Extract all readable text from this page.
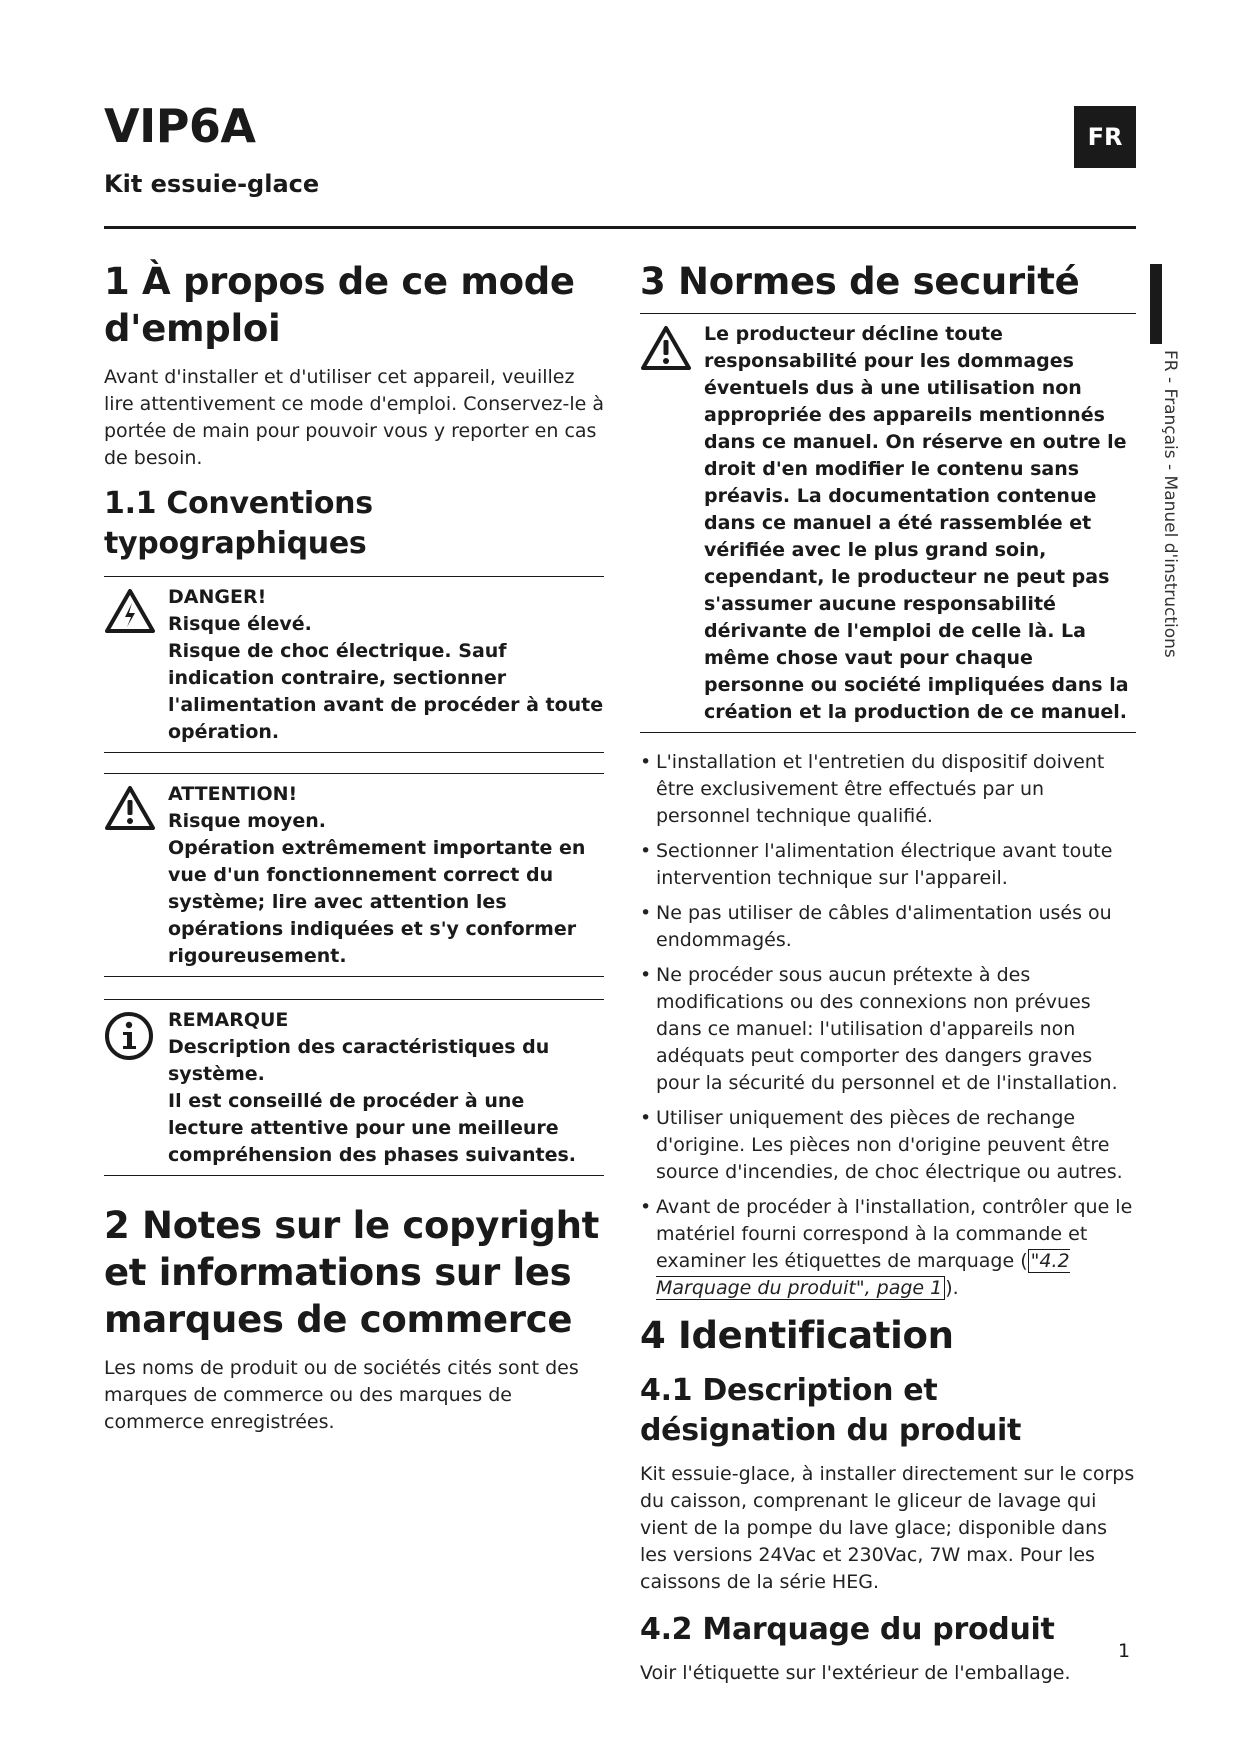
VIP6A
Kit essuie-glace
FR
FR - Français - Manuel d'instructions
1 À propos de ce mode d'emploi

Avant d'installer et d'utiliser cet appareil, veuillez lire attentivement ce mode d'emploi. Conservez-le à portée de main pour pouvoir vous y reporter en cas de besoin.

1.1 Conventions typographiques
DANGER!
Risque élevé.
Risque de choc électrique. Sauf indication contraire, sectionner l'alimentation avant de procéder à toute opération.
ATTENTION!
Risque moyen.
Opération extrêmement importante en vue d'un fonctionnement correct du système; lire avec attention les opérations indiquées et s'y conformer rigoureusement.
REMARQUE
Description des caractéristiques du système.
Il est conseillé de procéder à une lecture attentive pour une meilleure compréhension des phases suivantes.
2 Notes sur le copyright et informations sur les marques de commerce

Les noms de produit ou de sociétés cités sont des marques de commerce ou des marques de commerce enregistrées.

3 Normes de securité
Le producteur décline toute responsabilité pour les dommages éventuels dus à une utilisation non appropriée des appareils mentionnés dans ce manuel. On réserve en outre le droit d'en modifier le contenu sans préavis. La documentation contenue dans ce manuel a été rassemblée et vérifiée avec le plus grand soin, cependant, le producteur ne peut pas s'assumer aucune responsabilité dérivante de l'emploi de celle là. La même chose vaut pour chaque personne ou société impliquées dans la création et la production de ce manuel.
• L'installation et l'entretien du dispositif doivent être exclusivement être effectués par un personnel technique qualifié.
• Sectionner l'alimentation électrique avant toute intervention technique sur l'appareil.
• Ne pas utiliser de câbles d'alimentation usés ou endommagés.
• Ne procéder sous aucun prétexte à des modifications ou des connexions non prévues dans ce manuel: l'utilisation d'appareils non adéquats peut comporter des dangers graves pour la sécurité du personnel et de l'installation.
• Utiliser uniquement des pièces de rechange d'origine. Les pièces non d'origine peuvent être source d'incendies, de choc électrique ou autres.
• Avant de procéder à l'installation, contrôler que le matériel fourni correspond à la commande et examiner les étiquettes de marquage ( "4.2 Marquage du produit", page 1 ).
4 Identification
4.1 Description et désignation du produit

Kit essuie-glace, à installer directement sur le corps du caisson, comprenant le gliceur de lavage qui vient de la pompe du lave glace; disponible dans les versions 24Vac et 230Vac, 7W max. Pour les caissons de la série HEG.

4.2 Marquage du produit

Voir l'étiquette sur l'extérieur de l'emballage.

1
